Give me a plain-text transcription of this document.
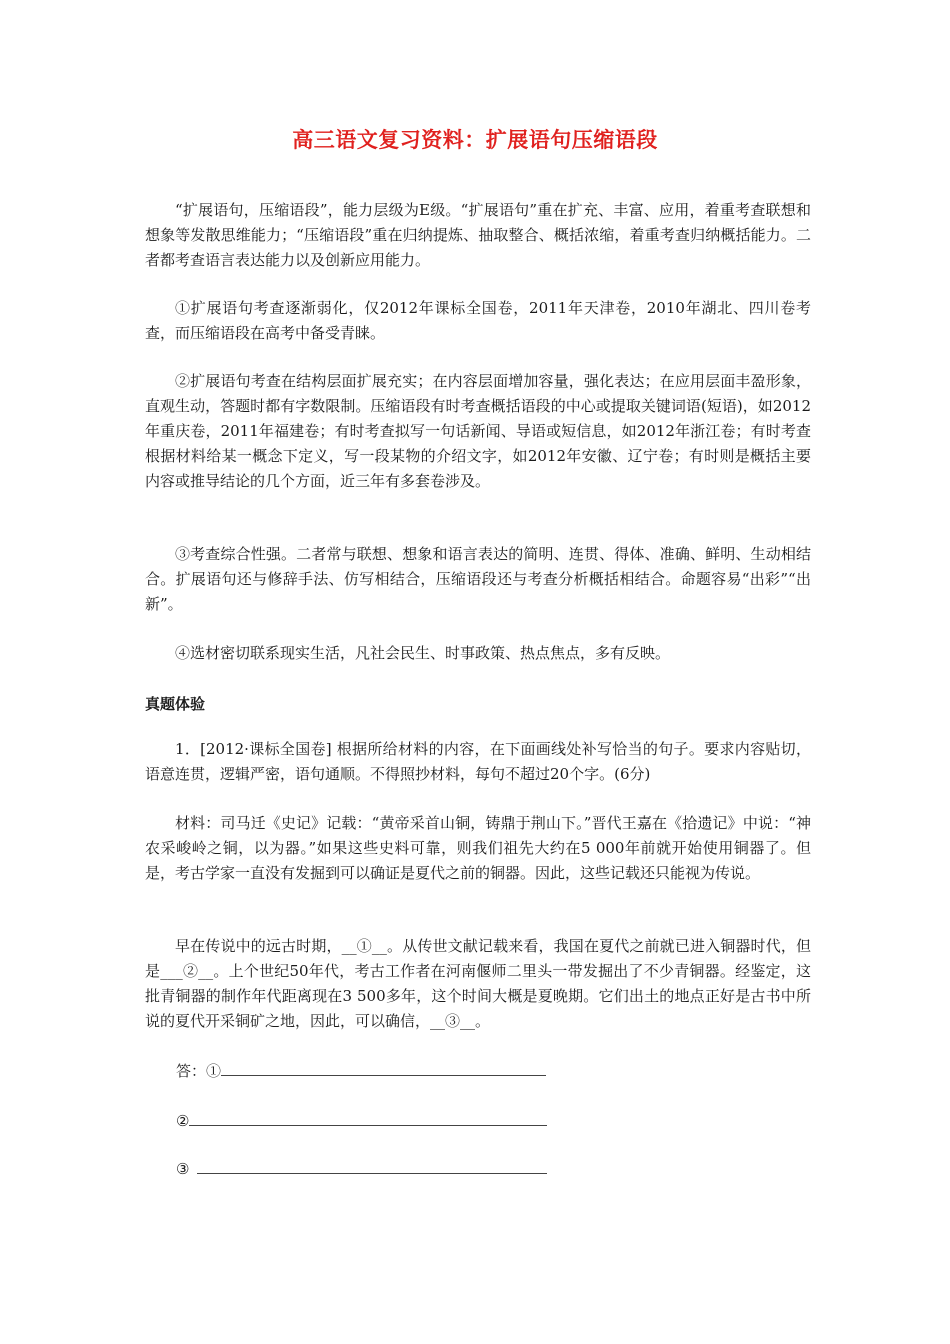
高三语文复习资料：扩展语句压缩语段

“扩展语句，压缩语段”，能力层级为E级。“扩展语句”重在扩充、丰富、应用，着重考查联想和想象等发散思维能力；“压缩语段”重在归纳提炼、抽取整合、概括浓缩，着重考查归纳概括能力。二者都考查语言表达能力以及创新应用能力。

①扩展语句考查逐渐弱化，仅2012年课标全国卷，2011年天津卷，2010年湖北、四川卷考查，而压缩语段在高考中备受青睐。

②扩展语句考查在结构层面扩展充实；在内容层面增加容量，强化表达；在应用层面丰盈形象，直观生动，答题时都有字数限制。压缩语段有时考查概括语段的中心或提取关键词语(短语)，如2012年重庆卷，2011年福建卷；有时考查拟写一句话新闻、导语或短信息，如2012年浙江卷；有时考查根据材料给某一概念下定义，写一段某物的介绍文字，如2012年安徽、辽宁卷；有时则是概括主要内容或推导结论的几个方面，近三年有多套卷涉及。

③考查综合性强。二者常与联想、想象和语言表达的简明、连贯、得体、准确、鲜明、生动相结合。扩展语句还与修辞手法、仿写相结合，压缩语段还与考查分析概括相结合。命题容易“出彩”“出新”。

④选材密切联系现实生活，凡社会民生、时事政策、热点焦点，多有反映。

真题体验

1．[2012·课标全国卷] 根据所给材料的内容，在下面画线处补写恰当的句子。要求内容贴切，语意连贯，逻辑严密，语句通顺。不得照抄材料，每句不超过20个字。(6分)

材料：司马迁《史记》记载：“黄帝采首山铜，铸鼎于荆山下。”晋代王嘉在《拾遗记》中说：“神农采峻岭之铜，以为器。”如果这些史料可靠，则我们祖先大约在5 000年前就开始使用铜器了。但是，考古学家一直没有发掘到可以确证是夏代之前的铜器。因此，这些记载还只能视为传说。

早在传说中的远古时期，__①__。从传世文献记载来看，我国在夏代之前就已进入铜器时代，但是___②__。上个世纪50年代，考古工作者在河南偃师二里头一带发掘出了不少青铜器。经鉴定，这批青铜器的制作年代距离现在3 500多年，这个时间大概是夏晚期。它们出土的地点正好是古书中所说的夏代开采铜矿之地，因此，可以确信，__③__。

答：①
②
③
